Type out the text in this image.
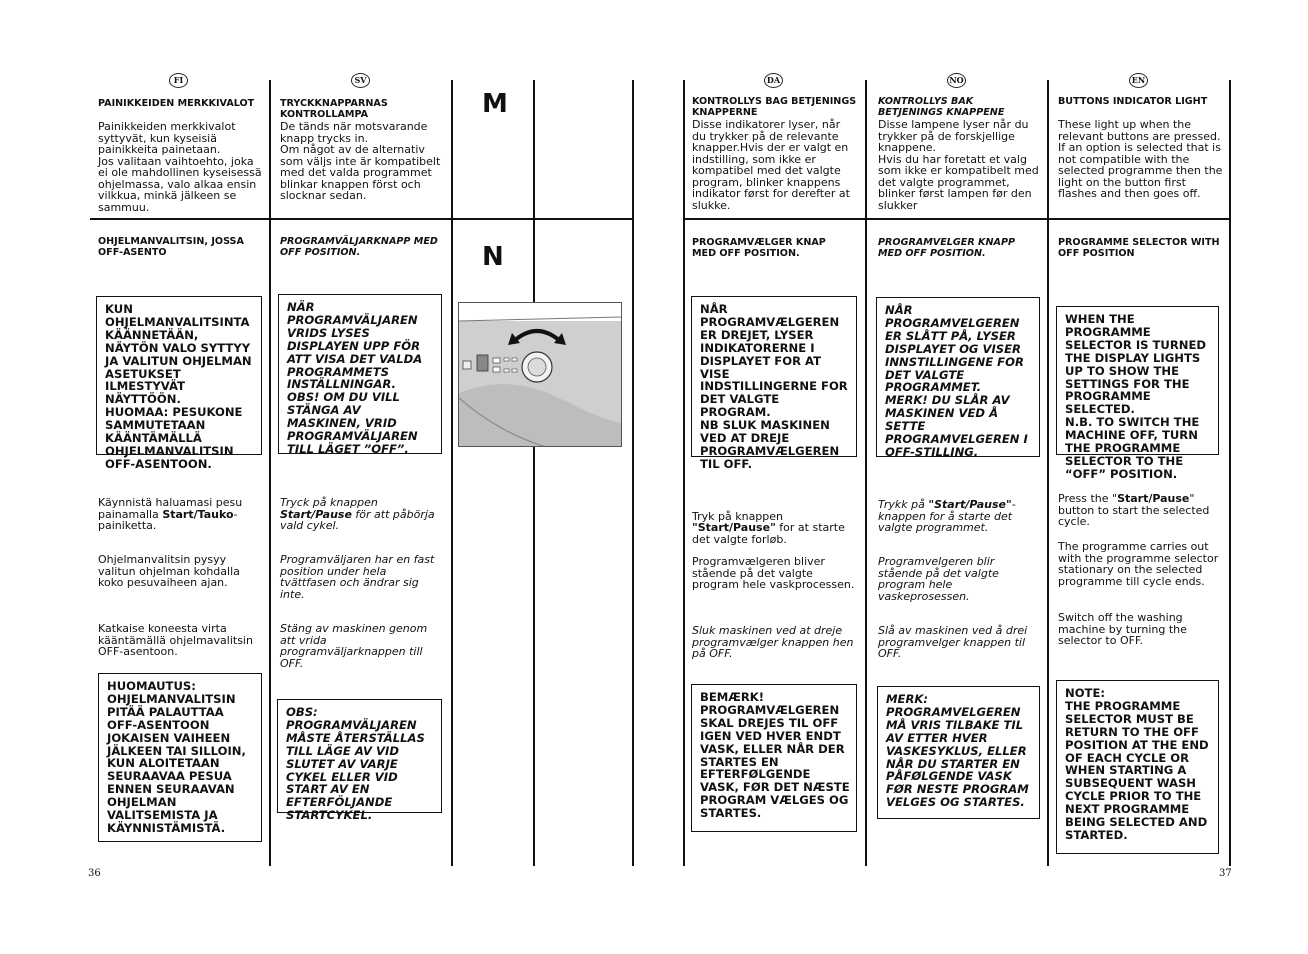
M
N
FI
PAINIKKEIDEN MERKKIVALOT
Painikkeiden merkkivalot syttyvät, kun kyseisiä painikkeita painetaan.
Jos valitaan vaihtoehto, joka ei ole mahdollinen kyseisessä ohjelmassa, valo alkaa ensin vilkkua, minkä jälkeen se sammuu.
OHJELMANVALITSIN, JOSSA OFF-ASENTO
KUN OHJELMANVALITSINTA KÄÄNNETÄÄN, NÄYTÖN VALO SYTTYY JA VALITUN OHJELMAN ASETUKSET ILMESTYVÄT NÄYTTÖÖN.
HUOMAA: PESUKONE SAMMUTETAAN KÄÄNTÄMÄLLÄ OHJELMANVALITSIN OFF-ASENTOON.
Käynnistä haluamasi pesu painamalla Start/Tauko-painiketta.
Ohjelmanvalitsin pysyy valitun ohjelman kohdalla koko pesuvaiheen ajan.
Katkaise koneesta virta kääntämällä ohjelmavalitsin OFF-asentoon.
HUOMAUTUS: OHJELMANVALITSIN PITÄÄ PALAUTTAA OFF-ASENTOON JOKAISEN VAIHEEN JÄLKEEN TAI SILLOIN, KUN ALOITETAAN SEURAAVAA PESUA ENNEN SEURAAVAN OHJELMAN VALITSEMISTA JA KÄYNNISTÄMISTÄ.
SV
TRYCKKNAPPARNAS KONTROLLAMPA
De tänds när motsvarande knapp trycks in.
Om något av de alternativ som väljs inte är kompatibelt med det valda programmet blinkar knappen först och slocknar sedan.
PROGRAMVÄLJARKNAPP MED OFF POSITION.
NÄR PROGRAMVÄLJAREN VRIDS LYSES DISPLAYEN UPP FÖR ATT VISA DET VALDA PROGRAMMETS INSTÄLLNINGAR.
OBS! OM DU VILL STÄNGA AV MASKINEN, VRID PROGRAMVÄLJAREN TILL LÄGET ”OFF”.
Tryck på knappen Start/Pause för att påbörja vald cykel.
Programväljaren har en fast position under hela tvättfasen och ändrar sig inte.
Stäng av maskinen genom att vrida programväljarknappen till OFF.
OBS: PROGRAMVÄLJAREN MÅSTE ÅTERSTÄLLAS TILL LÄGE AV VID SLUTET AV VARJE CYKEL ELLER VID START AV EN EFTERFÖLJANDE STARTCYKEL.
DA
KONTROLLYS BAG BETJENINGS KNAPPERNE
Disse indikatorer lyser, når du trykker på de relevante knapper.Hvis der er valgt en indstilling, som ikke er kompatibel med det valgte program, blinker knappens indikator først for derefter at slukke.
PROGRAMVÆLGER KNAP MED OFF POSITION.
NÅR PROGRAMVÆLGEREN ER DREJET, LYSER INDIKATORERNE I DISPLAYET FOR AT VISE INDSTILLINGERNE FOR DET VALGTE PROGRAM.
NB SLUK MASKINEN VED AT DREJE PROGRAMVÆLGEREN TIL OFF.

Tryk på knappen
"Start/Pause" for at starte det valgte forløb.

Programvælgeren bliver stående på det valgte program hele vaskprocessen.
Sluk maskinen ved at dreje programvælger knappen hen på OFF.
BEMÆRK! PROGRAMVÆLGEREN SKAL DREJES TIL OFF IGEN VED HVER ENDT VASK, ELLER NÅR DER STARTES EN EFTERFØLGENDE VASK, FØR DET NÆSTE PROGRAM VÆLGES OG STARTES.
NO
KONTROLLYS BAK BETJENINGS KNAPPENE
Disse lampene lyser når du trykker på de forskjellige knappene.
Hvis du har foretatt et valg som ikke er kompatibelt med det valgte programmet, blinker først lampen før den slukker
PROGRAMVELGER KNAPP MED OFF POSITION.
NÅR PROGRAMVELGEREN ER SLÅTT PÅ, LYSER DISPLAYET OG VISER INNSTILLINGENE FOR DET VALGTE PROGRAMMET.
MERK! DU SLÅR AV MASKINEN VED Å SETTE PROGRAMVELGEREN I OFF-STILLING.
Trykk på "Start/Pause"-knappen for å starte det valgte programmet.
Programvelgeren blir stående på det valgte program hele vaskeprosessen.
Slå av maskinen ved å drei programvelger knappen til OFF.
MERK: PROGRAMVELGEREN MÅ VRIS TILBAKE TIL AV ETTER HVER VASKESYKLUS, ELLER NÅR DU STARTER EN PÅFØLGENDE VASK FØR NESTE PROGRAM VELGES OG STARTES.
EN
BUTTONS INDICATOR LIGHT
These light up when the relevant buttons are pressed.
If an option is selected that is not compatible with the selected programme then the light on the button first flashes and then goes off.
PROGRAMME SELECTOR WITH OFF POSITION
WHEN THE PROGRAMME SELECTOR IS TURNED THE DISPLAY LIGHTS UP TO SHOW THE SETTINGS FOR THE PROGRAMME SELECTED.
N.B. TO SWITCH THE MACHINE OFF, TURN THE PROGRAMME SELECTOR TO THE “OFF” POSITION.
Press the "Start/Pause" button to start the selected cycle.
The programme carries out with the programme selector stationary on the selected programme till cycle ends.
Switch off the washing machine by turning the selector to OFF.
NOTE:
THE PROGRAMME SELECTOR MUST BE RETURN TO THE OFF POSITION AT THE END OF EACH CYCLE OR WHEN STARTING A SUBSEQUENT WASH CYCLE PRIOR TO THE NEXT PROGRAMME BEING SELECTED AND STARTED.
36	37
